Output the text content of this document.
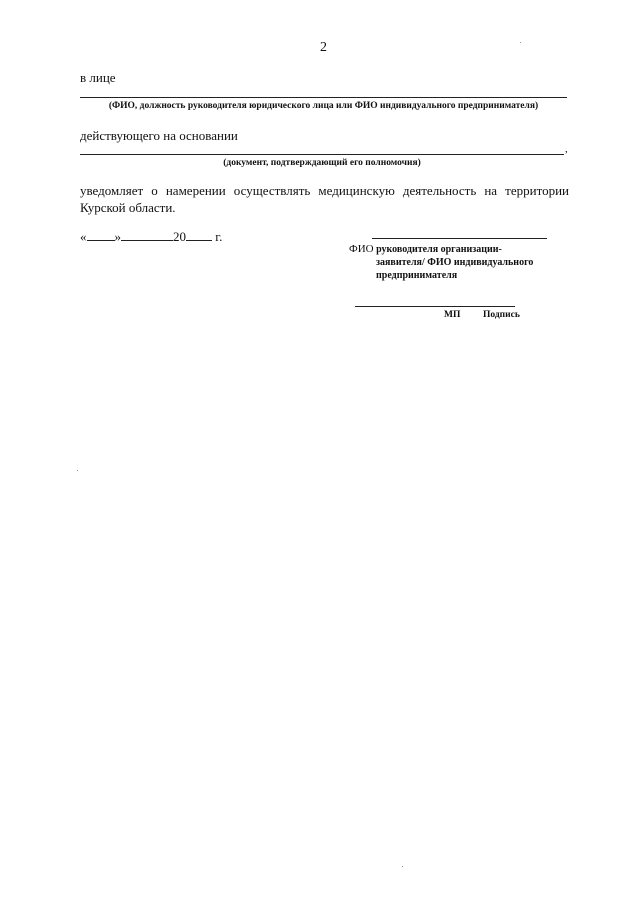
2
в лице
(ФИО, должность руководителя юридического лица или ФИО индивидуального предпринимателя)
действующего на основании
,
(документ, подтверждающий его полномочия)
уведомляет о намерении осуществлять медицинскую деятельность на территории Курской области.
« »	20 г.
ФИО руководителя организации-
заявителя/ ФИО индивидуального
предпринимателя
МП Подпись
